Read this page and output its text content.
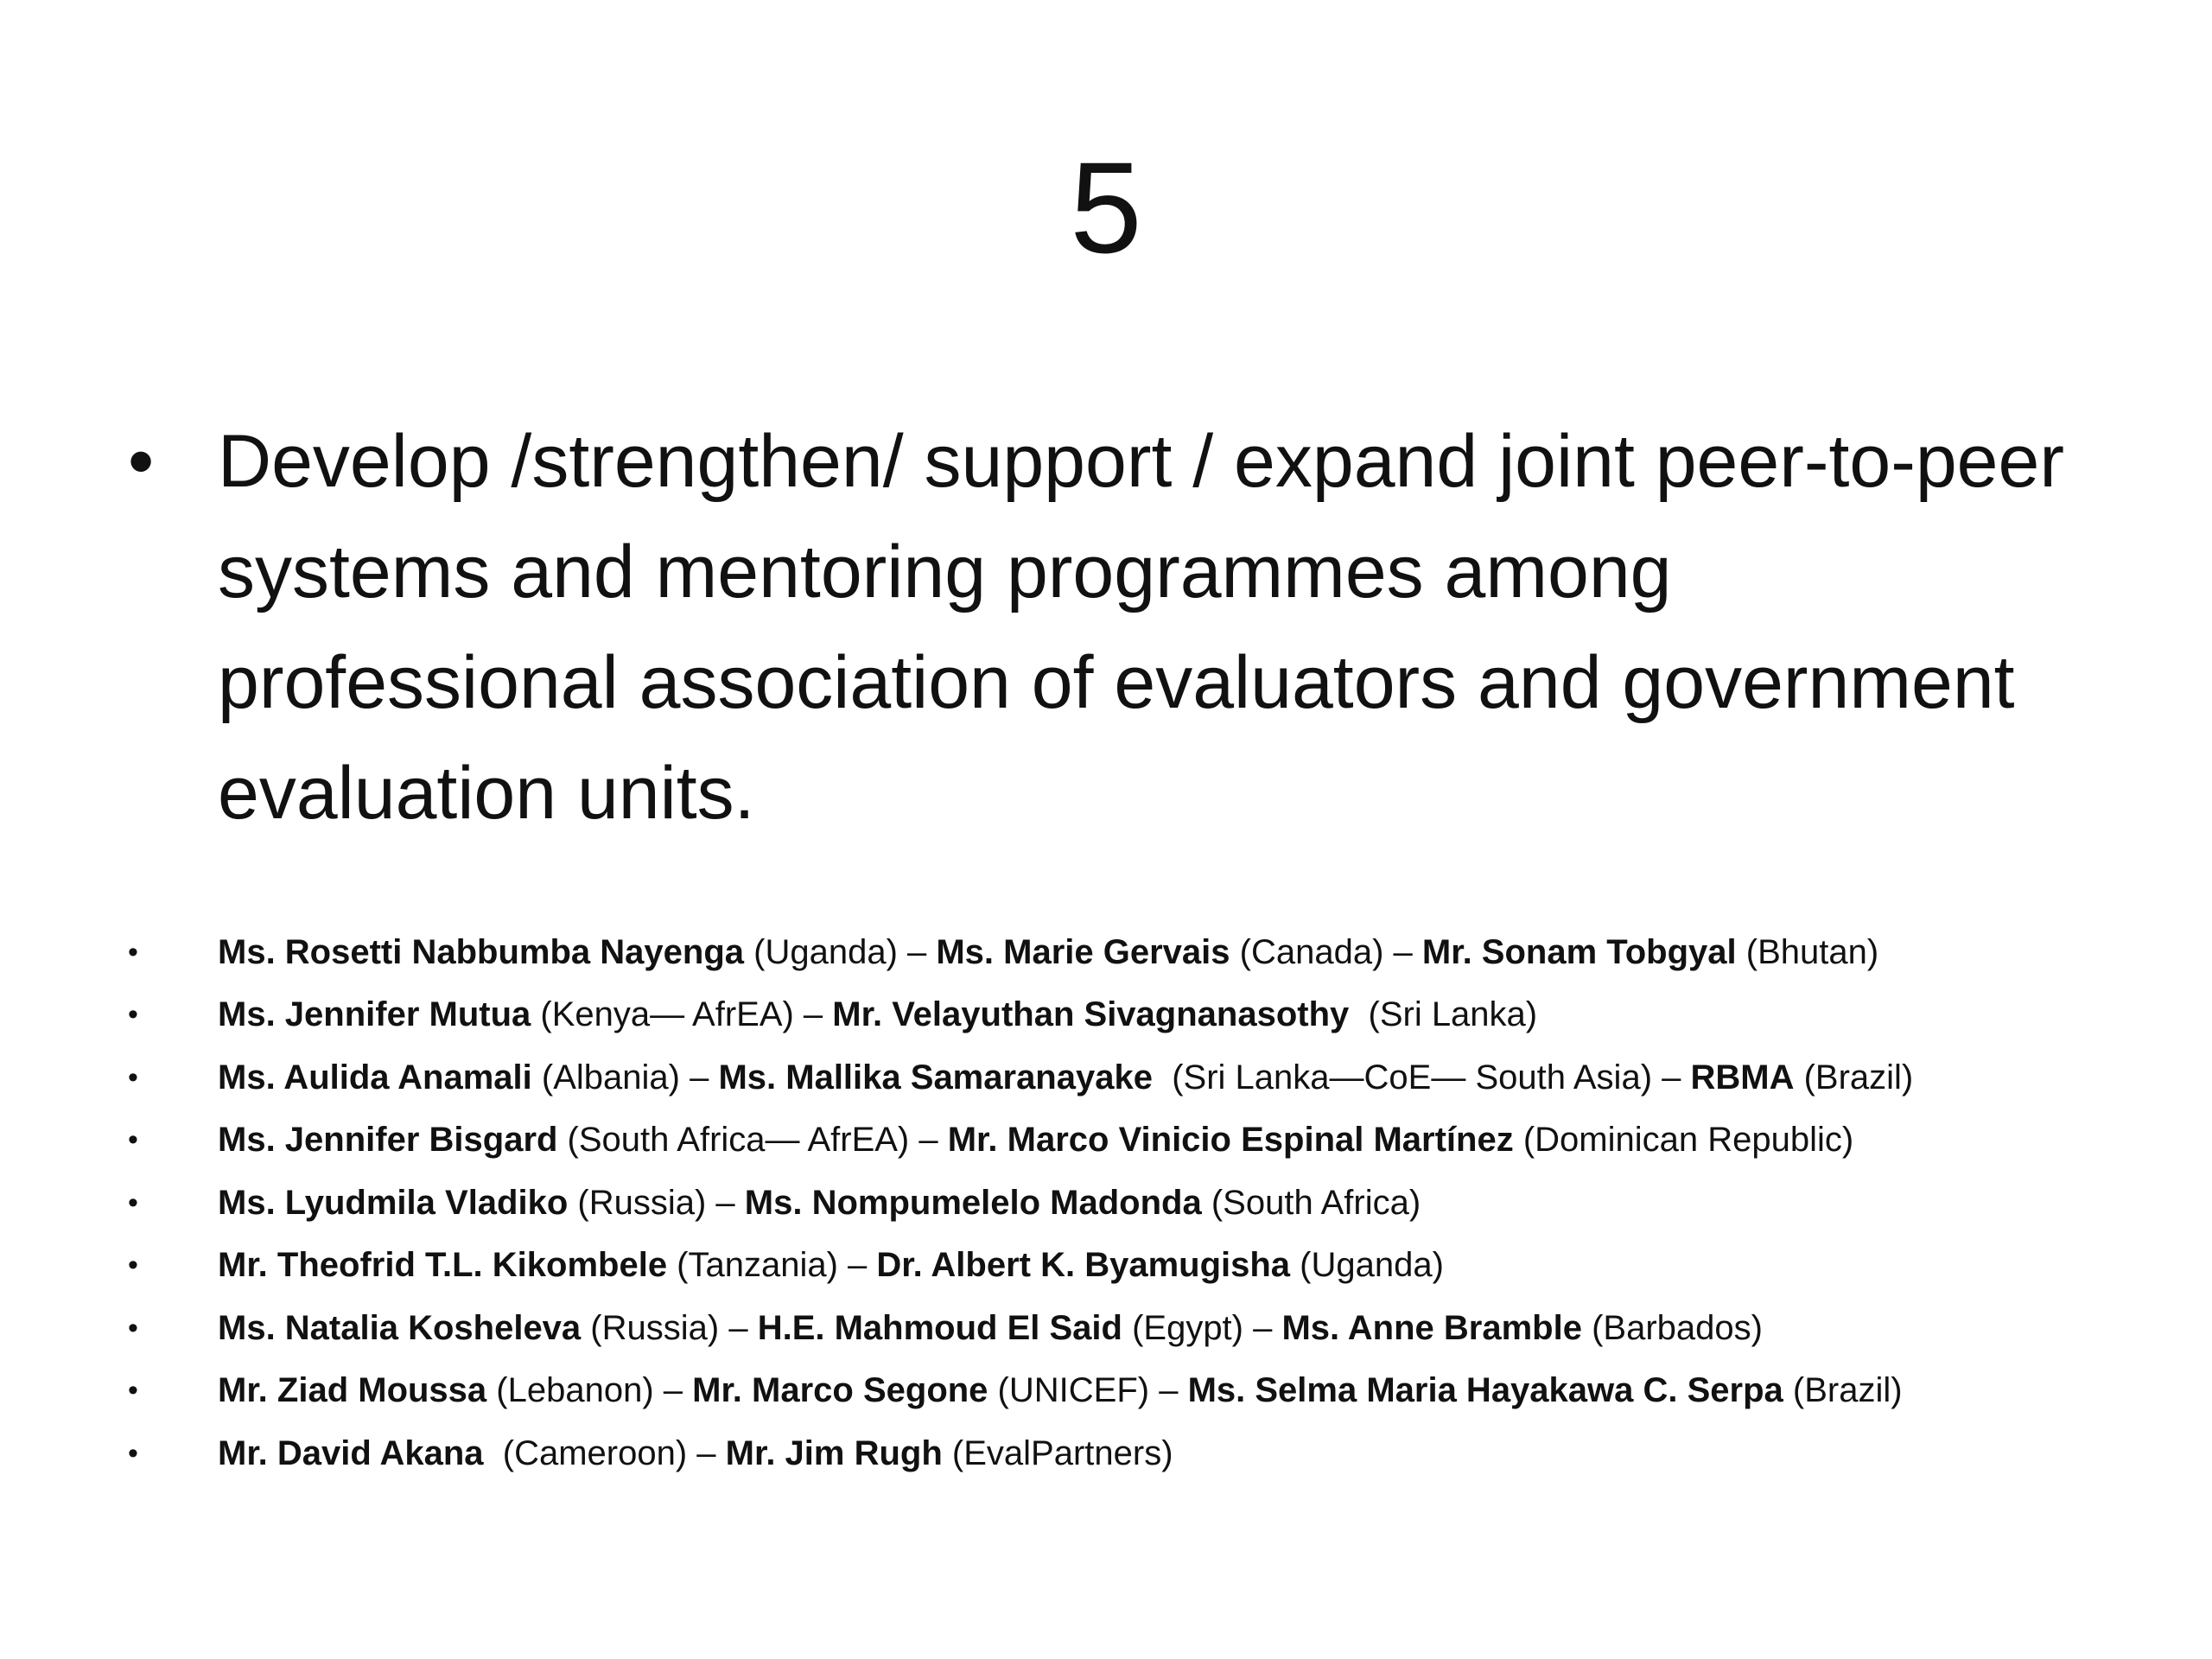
5
• Develop /strengthen/ support / expand joint peer-to-peer systems and mentoring programmes among professional association of evaluators and government evaluation units.
•	Ms. Rosetti Nabbumba Nayenga (Uganda) – Ms. Marie Gervais (Canada) – Mr. Sonam Tobgyal (Bhutan)
•	Ms. Jennifer Mutua (Kenya— AfrEA) – Mr. Velayuthan Sivagnanasothy  (Sri Lanka)
•	Ms. Aulida Anamali (Albania) – Ms. Mallika Samaranayake  (Sri Lanka—CoE— South Asia) – RBMA (Brazil)
•	Ms. Jennifer Bisgard (South Africa— AfrEA) – Mr. Marco Vinicio Espinal Martínez (Dominican Republic)
•	Ms. Lyudmila Vladiko (Russia) – Ms. Nompumelelo Madonda (South Africa)
•	Mr. Theofrid T.L. Kikombele (Tanzania) – Dr. Albert K. Byamugisha (Uganda)
•	Ms. Natalia Kosheleva (Russia) – H.E. Mahmoud El Said (Egypt) – Ms. Anne Bramble (Barbados)
•	Mr. Ziad Moussa (Lebanon) – Mr. Marco Segone (UNICEF) – Ms. Selma Maria Hayakawa C. Serpa (Brazil)
•	Mr. David Akana  (Cameroon) – Mr. Jim Rugh (EvalPartners)
